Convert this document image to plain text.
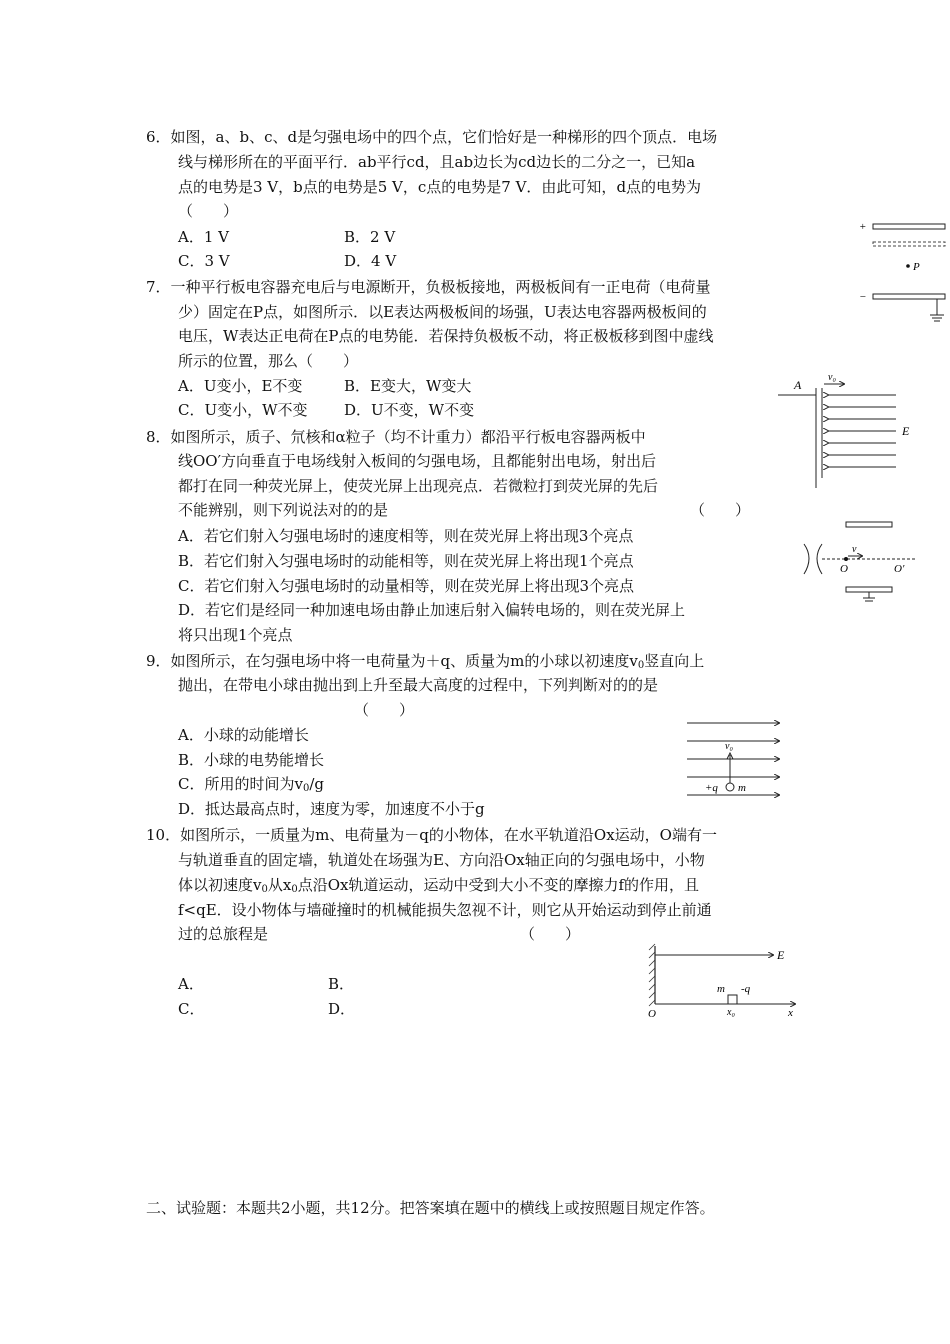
6．如图，a、b、c、d是匀强电场中的四个点，它们恰好是一种梯形的四个顶点．电场
线与梯形所在的平面平行．ab平行cd，且ab边长为cd边长的二分之一，已知a
点的电势是3 V，b点的电势是5 V，c点的电势是7 V．由此可知，d点的电势为
（　　）
A．1 V	B．2 V
C．3 V	D．4 V
7．一种平行板电容器充电后与电源断开，负极板接地，两极板间有一正电荷（电荷量
少）固定在P点，如图所示．以E表达两极板间的场强，U表达电容器两极板间的
电压，W表达正电荷在P点的电势能．若保持负极板不动，将正极板移到图中虚线
所示的位置，那么（　　）
A．U变小，E不变	B．E变大，W变大
C．U变小，W不变 D．U不变，W不变
8．如图所示，质子、氘核和α粒子（均不计重力）都沿平行板电容器两板中
线OO′方向垂直于电场线射入板间的匀强电场，且都能射出电场，射出后
都打在同一种荧光屏上，使荧光屏上出现亮点．若微粒打到荧光屏的先后
不能辨别，则下列说法对的的是	（　　）
A．若它们射入匀强电场时的速度相等，则在荧光屏上将出现3个亮点
B．若它们射入匀强电场时的动能相等，则在荧光屏上将出现1个亮点
C．若它们射入匀强电场时的动量相等，则在荧光屏上将出现3个亮点
D．若它们是经同一种加速电场由静止加速后射入偏转电场的，则在荧光屏上
将只出现1个亮点
9．如图所示，在匀强电场中将一电荷量为＋q、质量为m的小球以初速度$v_0$竖直向上
抛出，在带电小球由抛出到上升至最大高度的过程中，下列判断对的的是
（　　）
A．小球的动能增长
B．小球的电势能增长
C．所用的时间为$v_0/g$
D．抵达最高点时，速度为零，加速度不小于g
10．如图所示，一质量为m、电荷量为－q的小物体，在水平轨道沿Ox运动，O端有一
与轨道垂直的固定墙，轨道处在场强为E、方向沿Ox轴正向的匀强电场中，小物
体以初速度$v_0$从$x_0$点沿Ox轨道运动，运动中受到大小不变的摩擦力f的作用，且
f<qE．设小物体与墙碰撞时的机械能损失忽视不计，则它从开始运动到停止前通
过的总旅程是	（　　）
A．	B．
C．	D．
二、试验题：本题共2小题，共12分。把答案填在题中的横线上或按照题目规定作答。
+
P
−
A
v₀
E
v
O	O′
v₀
+q m
E
m -q
O	x₀	x
